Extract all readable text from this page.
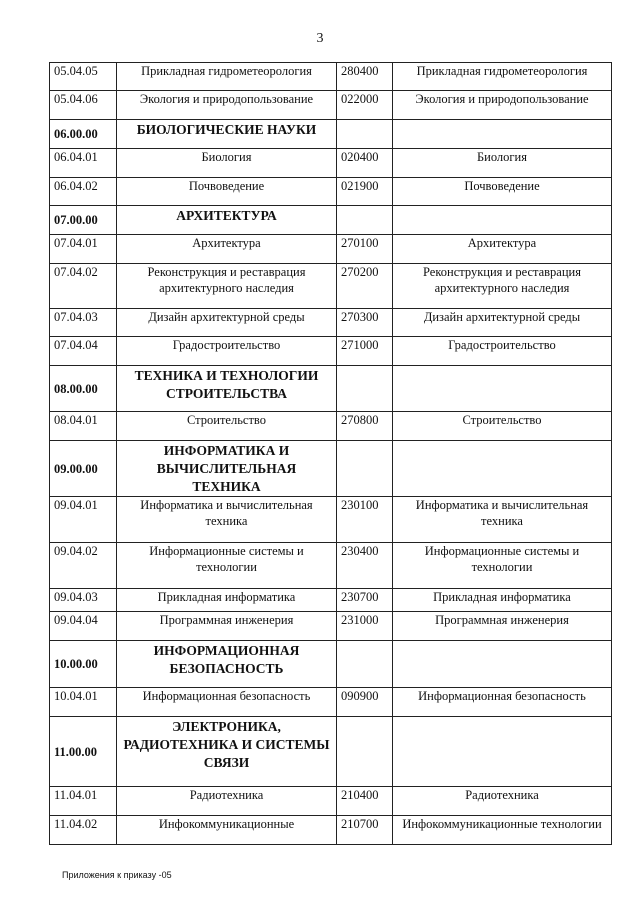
3
05.04.05	Прикладная гидрометеорология	280400	Прикладная гидрометеорология
05.04.06	Экология и природопользование	022000	Экология и природопользование
06.00.00	БИОЛОГИЧЕСКИЕ НАУКИ		
06.04.01	Биология	020400	Биология
06.04.02	Почвоведение	021900	Почвоведение
07.00.00	АРХИТЕКТУРА		
07.04.01	Архитектура	270100	Архитектура
07.04.02	Реконструкция и реставрация архитектурного наследия	270200	Реконструкция и реставрация архитектурного наследия
07.04.03	Дизайн архитектурной среды	270300	Дизайн архитектурной среды
07.04.04	Градостроительство	271000	Градостроительство
08.00.00	ТЕХНИКА И ТЕХНОЛОГИИ СТРОИТЕЛЬСТВА		
08.04.01	Строительство	270800	Строительство
09.00.00	ИНФОРМАТИКА И ВЫЧИСЛИТЕЛЬНАЯ ТЕХНИКА		
09.04.01	Информатика и вычислительная техника	230100	Информатика и вычислительная техника
09.04.02	Информационные системы и технологии	230400	Информационные системы и технологии
09.04.03	Прикладная информатика	230700	Прикладная информатика
09.04.04	Программная инженерия	231000	Программная инженерия
10.00.00	ИНФОРМАЦИОННАЯ БЕЗОПАСНОСТЬ		
10.04.01	Информационная безопасность	090900	Информационная безопасность
11.00.00	ЭЛЕКТРОНИКА, РАДИОТЕХНИКА И СИСТЕМЫ СВЯЗИ		
11.04.01	Радиотехника	210400	Радиотехника
11.04.02	Инфокоммуникационные	210700	Инфокоммуникационные технологии
Приложения к приказу -05
